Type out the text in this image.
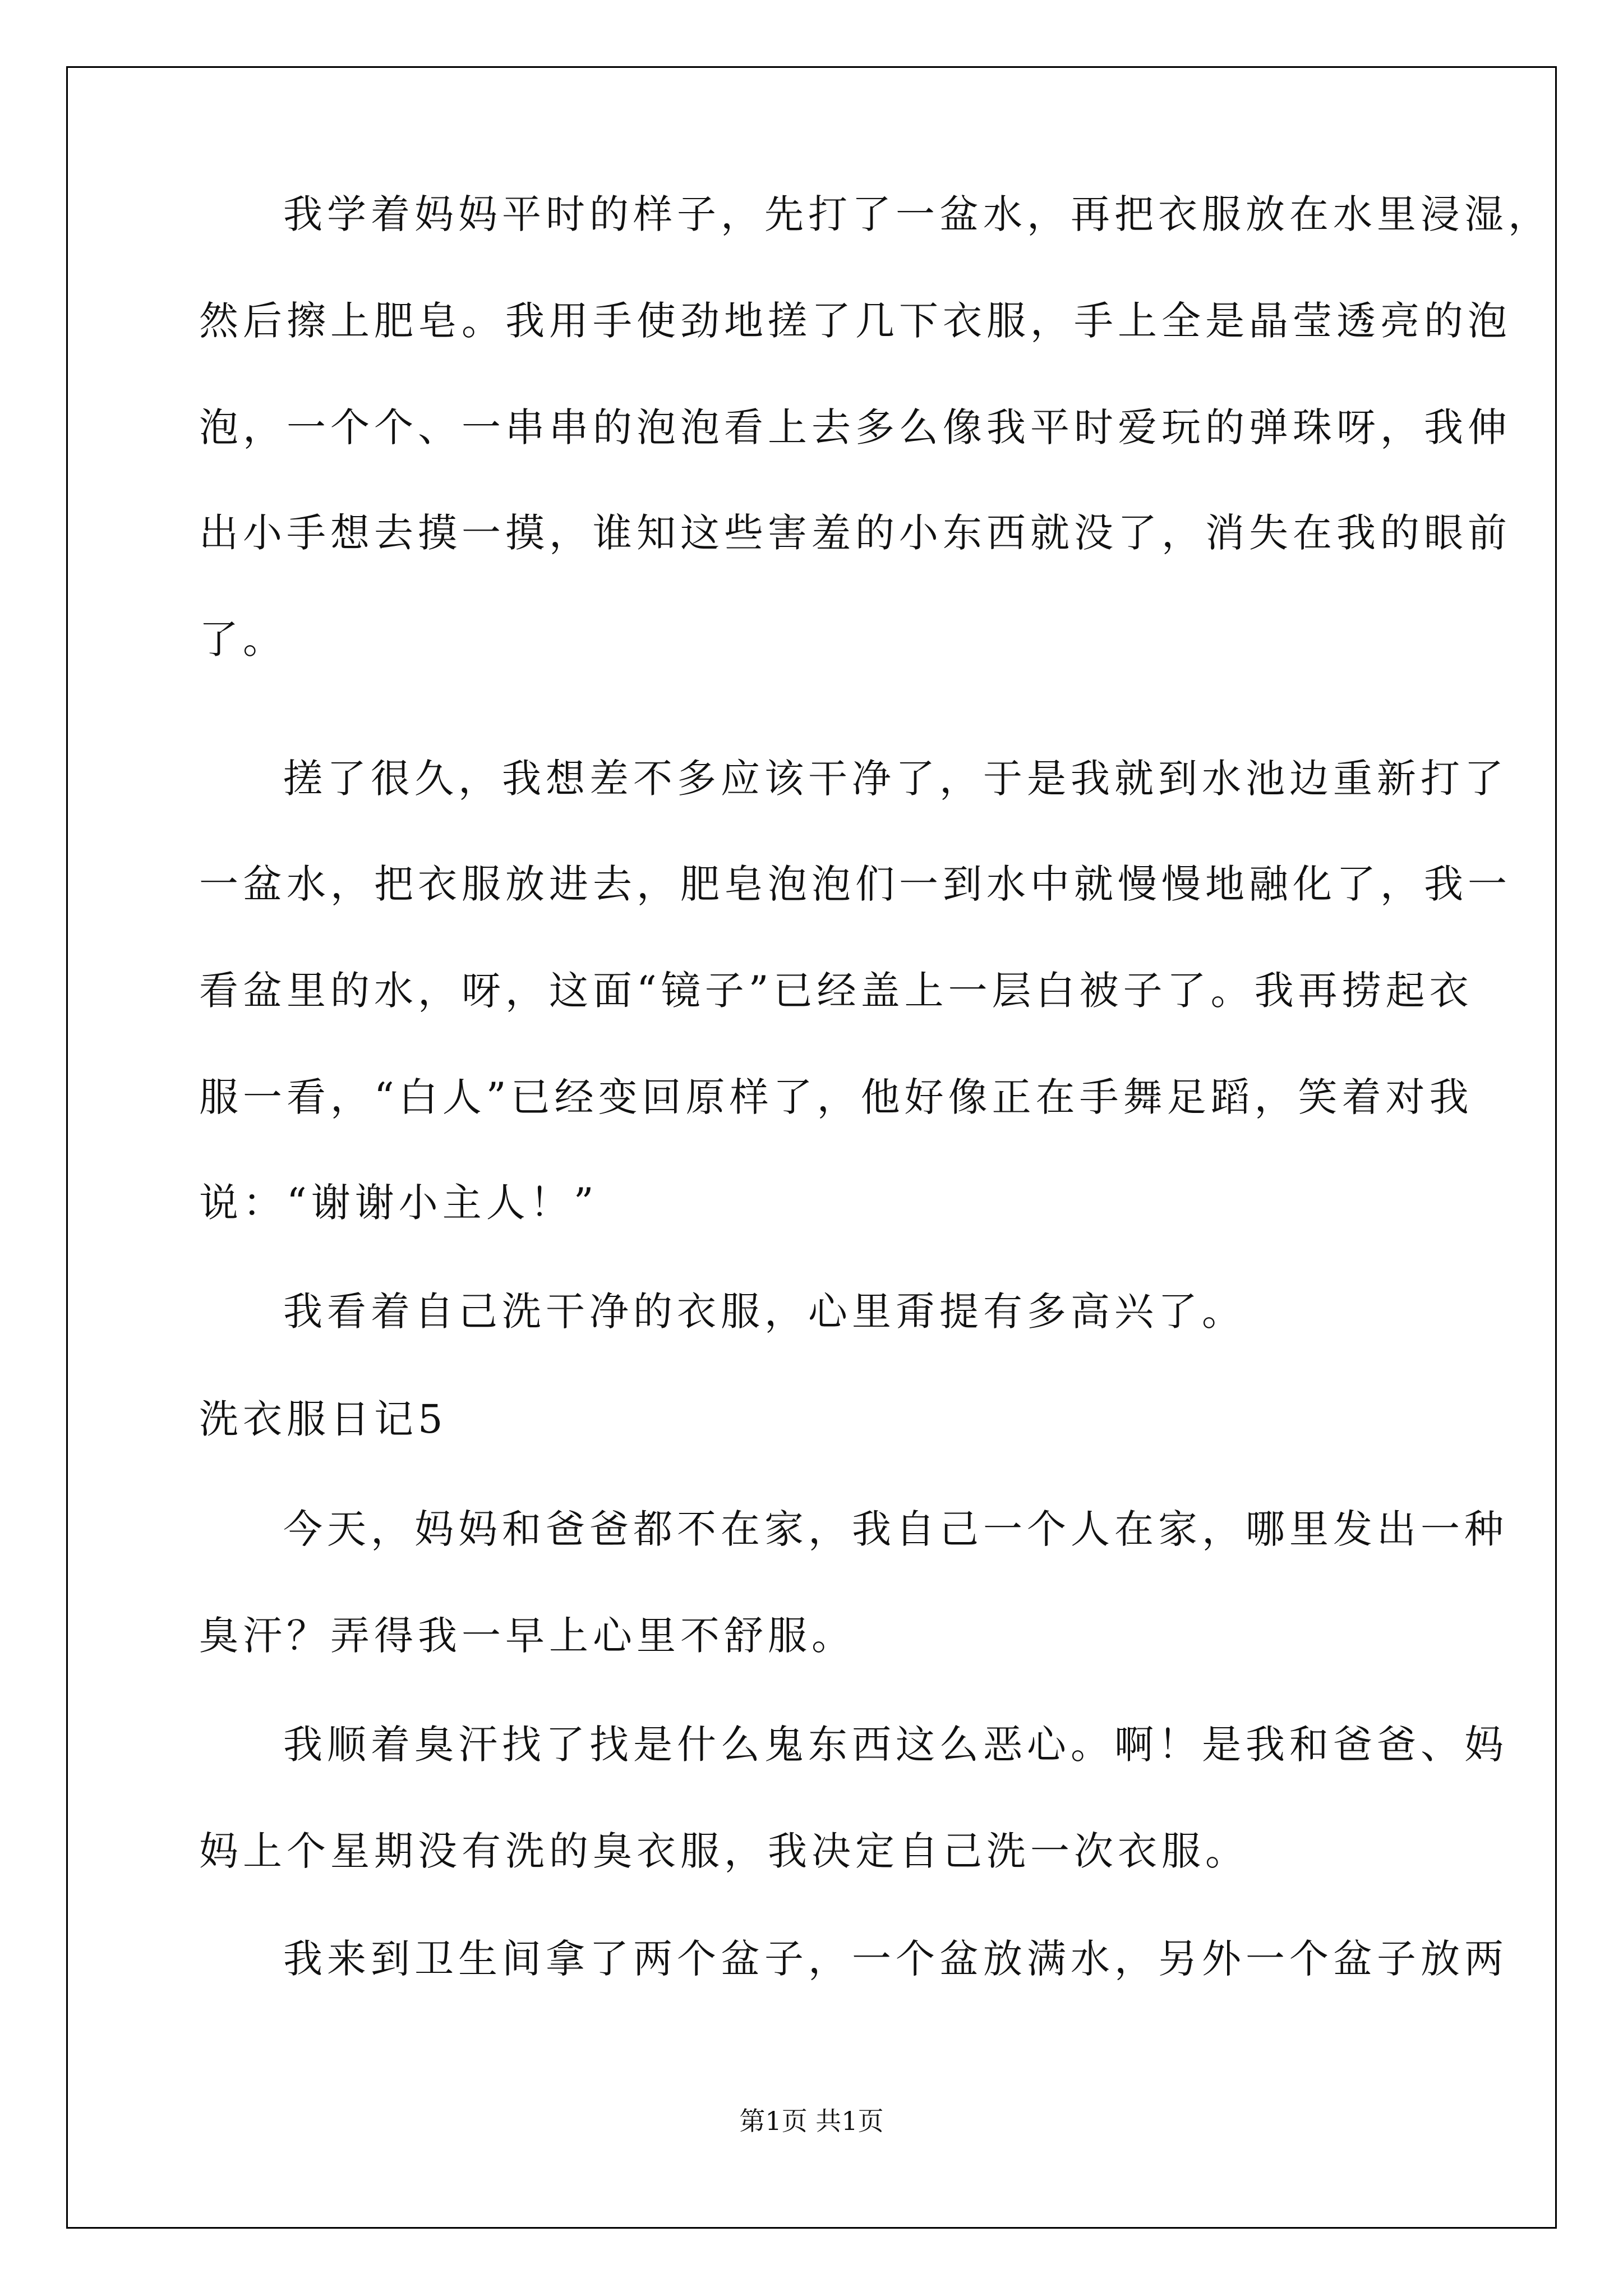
我学着妈妈平时的样子，先打了一盆水，再把衣服放在水里浸湿，
然后擦上肥皂。我用手使劲地搓了几下衣服，手上全是晶莹透亮的泡
泡，一个个、一串串的泡泡看上去多么像我平时爱玩的弹珠呀，我伸
出小手想去摸一摸，谁知这些害羞的小东西就没了，消失在我的眼前
了。
搓了很久，我想差不多应该干净了，于是我就到水池边重新打了
一盆水，把衣服放进去，肥皂泡泡们一到水中就慢慢地融化了，我一
看盆里的水，呀，这面“镜子”已经盖上一层白被子了。我再捞起衣
服一看，“白人”已经变回原样了，他好像正在手舞足蹈，笑着对我
说：“谢谢小主人！”
我看着自己洗干净的衣服，心里甭提有多高兴了。
洗衣服日记5
今天，妈妈和爸爸都不在家，我自己一个人在家，哪里发出一种
臭汗？弄得我一早上心里不舒服。
我顺着臭汗找了找是什么鬼东西这么恶心。啊！是我和爸爸、妈
妈上个星期没有洗的臭衣服，我决定自己洗一次衣服。
我来到卫生间拿了两个盆子，一个盆放满水，另外一个盆子放两
第1页 共1页
